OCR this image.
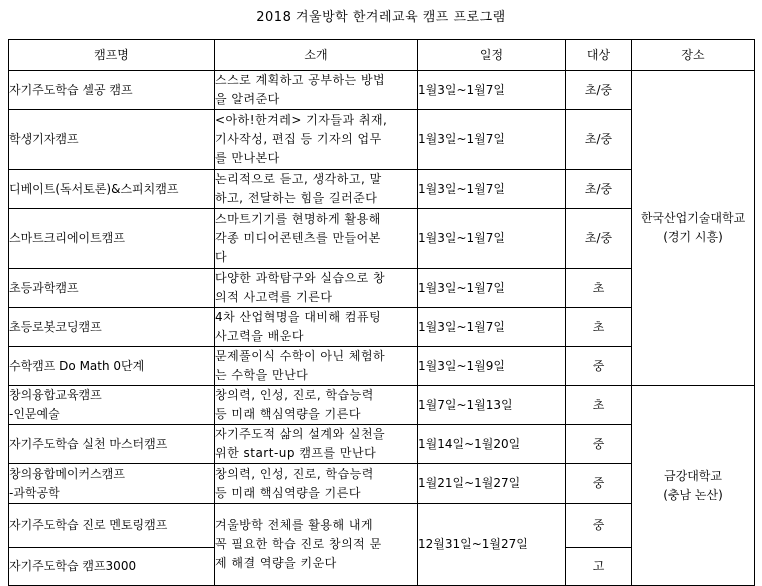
2018 겨울방학 한겨레교육 캠프 프로그램
캠프명	소개	일정	대상	장소

자기주도학습 셀공 캠프	스스로 계획하고 공부하는 방법
을 알려준다	1월3일~1월7일	초/중	한국산업기술대학교
(경기 시흥)

학생기자캠프	<아하!한겨레> 기자들과 취재,
기사작성, 편집 등 기자의 업무
를 만나본다	1월3일~1월7일	초/중	

디베이트(독서토론)&스피치캠프	논리적으로 듣고, 생각하고, 말
하고, 전달하는 힘을 길러준다	1월3일~1월7일	초/중	

스마트크리에이트캠프	스마트기기를 현명하게 활용해
각종 미디어콘텐츠를 만들어본
다	1월3일~1월7일	초/중	

초등과학캠프	다양한 과학탐구와 실습으로 창
의적 사고력를 기른다	1월3일~1월7일	초	

초등로봇코딩캠프	4차 산업혁명을 대비해 컴퓨팅
사고력을 배운다	1월3일~1월7일	초	

수학캠프 Do Math 0단계	문제풀이식 수학이 아닌 체험하
는 수학을 만난다	1월3일~1월9일	중	

창의융합교육캠프
-인문예술	창의력, 인성, 진로, 학습능력
등 미래 핵심역량을 기른다	1월7일~1월13일	초	금강대학교
(충남 논산)

자기주도학습 실천 마스터캠프	자기주도적 삶의 설계와 실천을
위한 start-up 캠프를 만난다	1월14일~1월20일	중	

창의융합메이커스캠프
-과학공학	창의력, 인성, 진로, 학습능력
등 미래 핵심역량을 기른다	1월21일~1월27일	중	

자기주도학습 진로 멘토링캠프	겨울방학 전체를 활용해 내게
꼭 필요한 학습 진로 창의적 문
제 해결 역량을 키운다	12월31일~1월27일	중	

자기주도학습 캠프3000			고	
